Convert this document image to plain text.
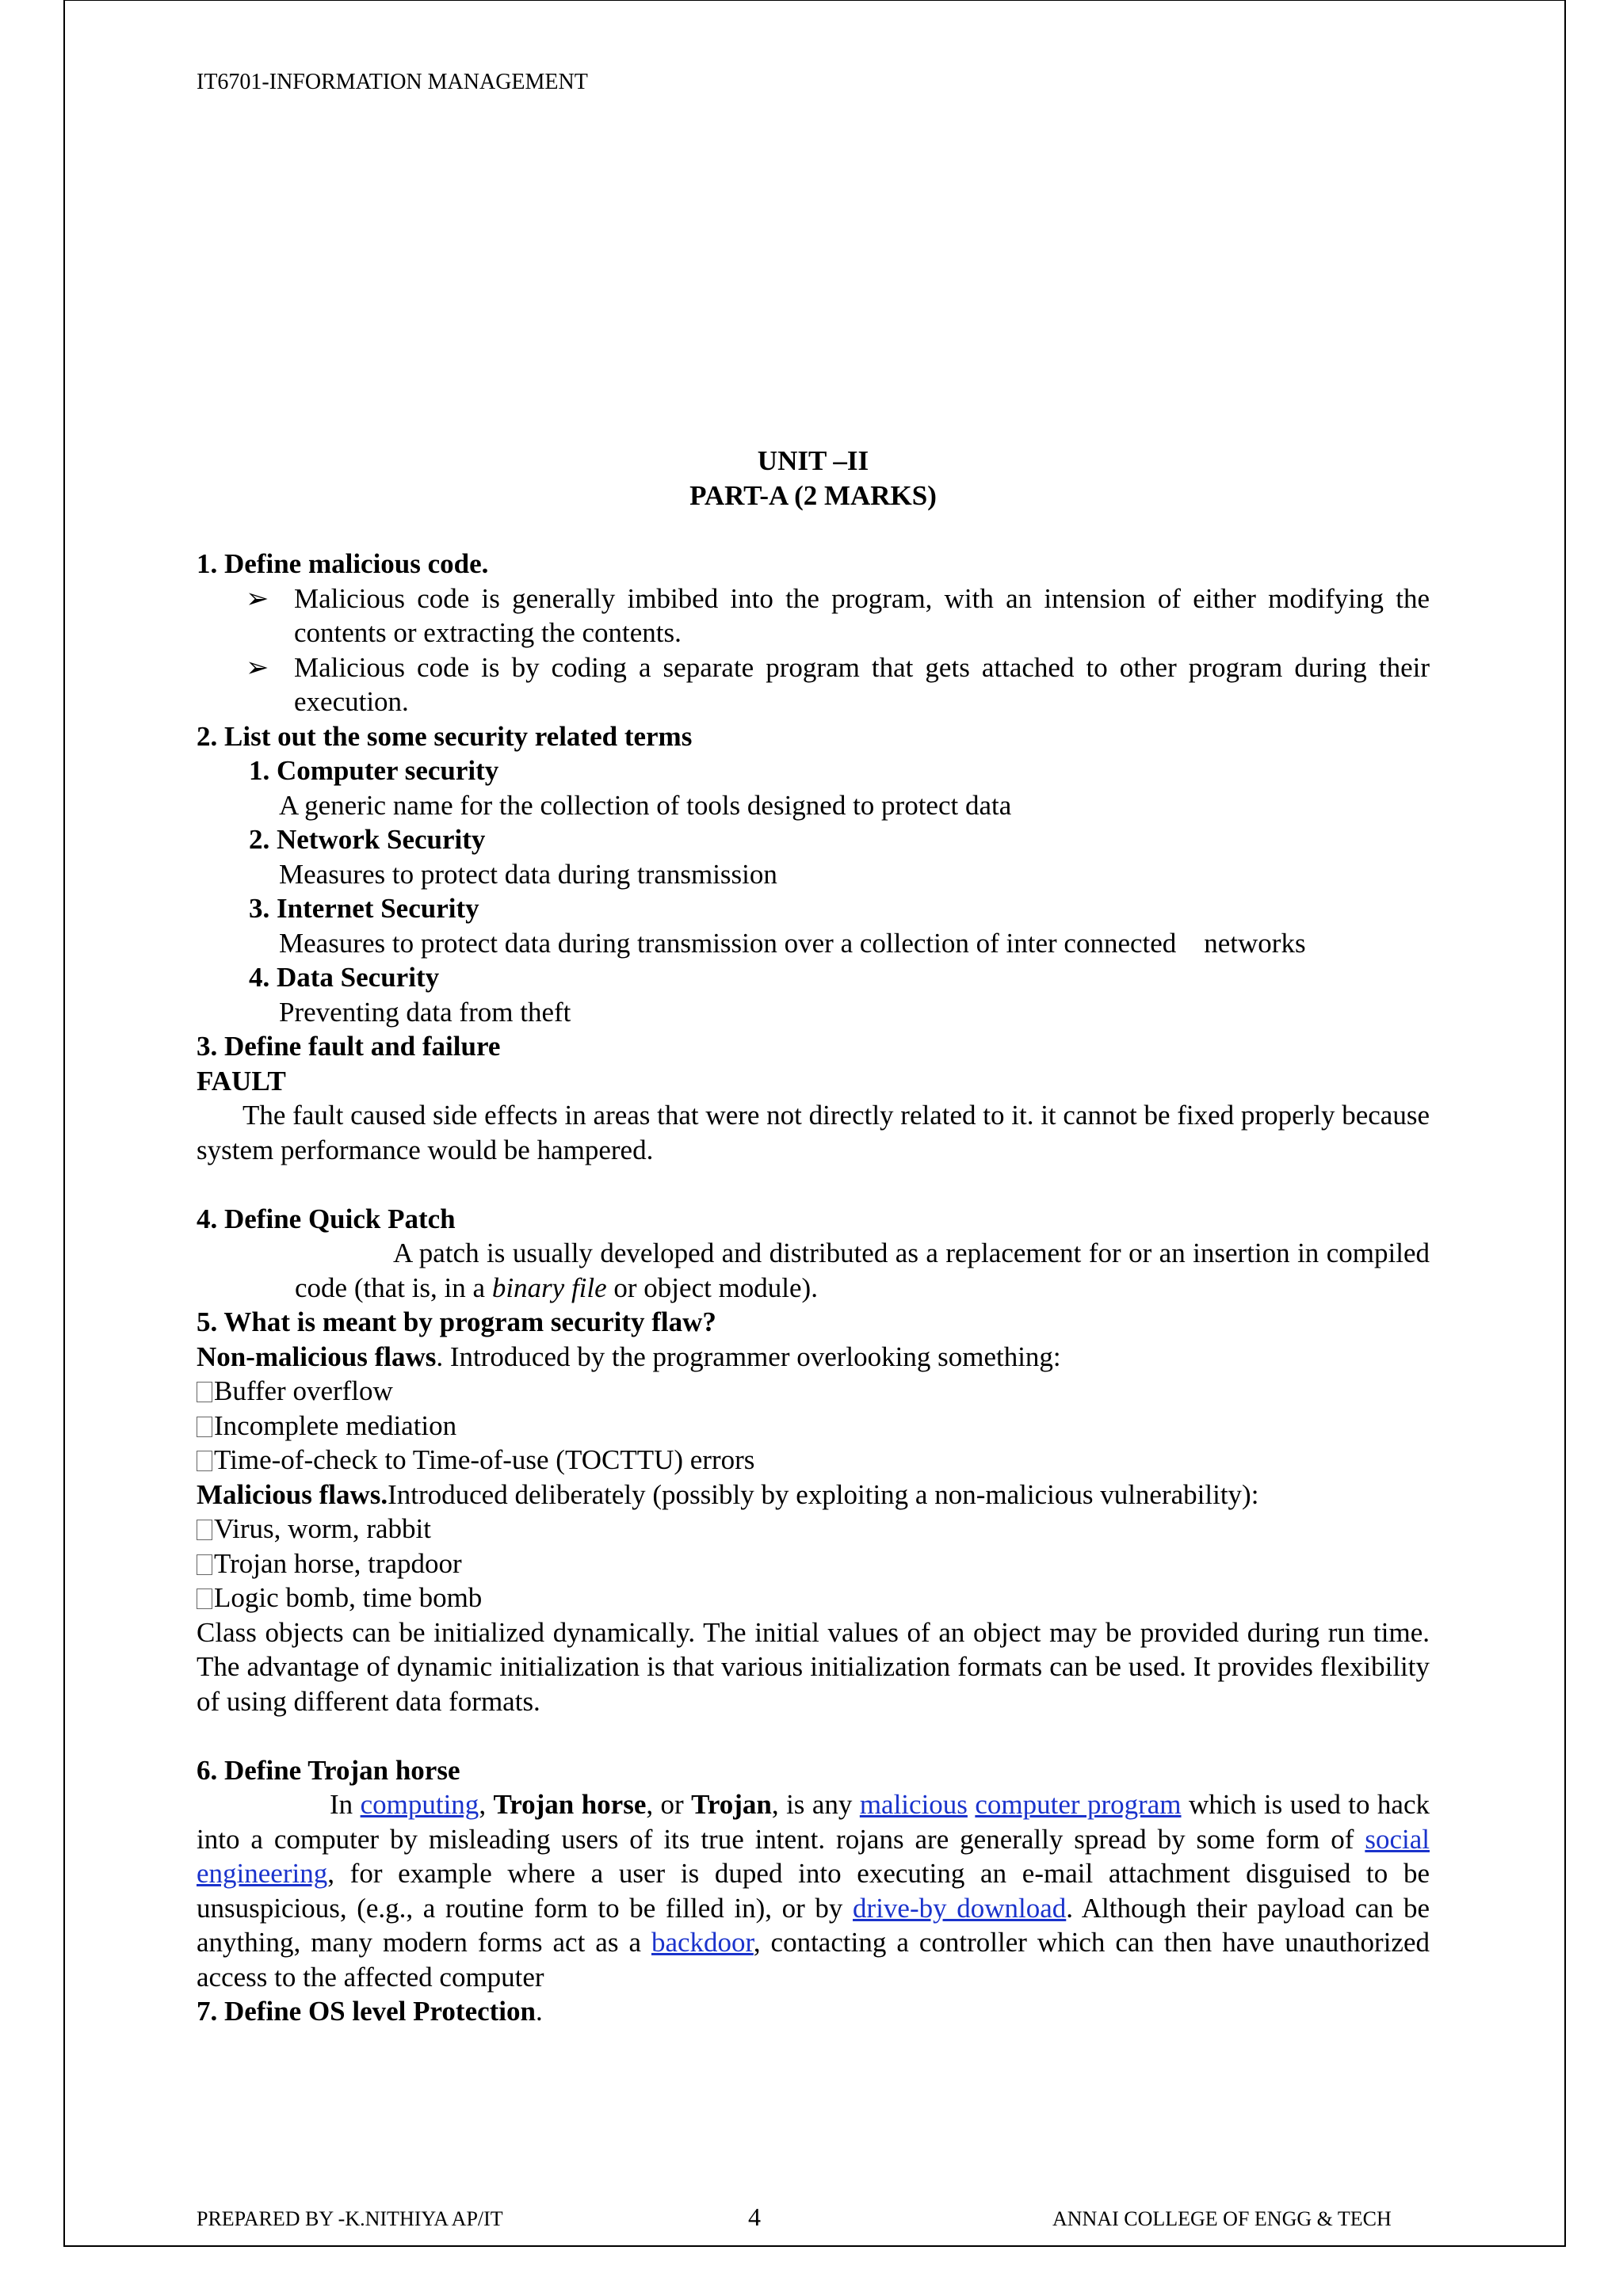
IT6701-INFORMATION MANAGEMENT

UNIT –II

PART-A (2 MARKS)

1. Define malicious code.

➢ Malicious code is generally imbibed into the program, with an intension of either modifying the contents or extracting the contents.
➢ Malicious code is by coding a separate program that gets attached to other program during their execution.

2. List out the some security related terms

1. Computer security

A generic name for the collection of tools designed to protect data

2. Network Security

Measures to protect data during transmission

3. Internet Security

Measures to protect data during transmission over a collection of inter connected    networks

4. Data Security

Preventing data from theft

3. Define fault and failure

FAULT

The fault caused side effects in areas that were not directly related to it. it cannot be fixed properly because system performance would be hampered.

4. Define Quick Patch

A patch is usually developed and distributed as a replacement for or an insertion in compiled code (that is, in a binary file or object module).

5. What is meant by program security flaw?

Non-malicious flaws. Introduced by the programmer overlooking something:

Buffer overflow

Incomplete mediation

Time-of-check to Time-of-use (TOCTTU) errors

Malicious flaws.Introduced deliberately (possibly by exploiting a non-malicious vulnerability):

Virus, worm, rabbit

Trojan horse, trapdoor

Logic bomb, time bomb

Class objects can be initialized dynamically. The initial values of an object may be provided during run time. The advantage of dynamic initialization is that various initialization formats can be used. It provides flexibility of using different data formats.

6. Define Trojan horse

In computing, Trojan horse, or Trojan, is any malicious computer program which is used to hack into a computer by misleading users of its true intent. rojans are generally spread by some form of social engineering, for example where a user is duped into executing an e-mail attachment disguised to be unsuspicious, (e.g., a routine form to be filled in), or by drive-by download. Although their payload can be anything, many modern forms act as a backdoor, contacting a controller which can then have unauthorized access to the affected computer

7. Define OS level Protection.

PREPARED BY -K.NITHIYA AP/IT	4	ANNAI COLLEGE OF ENGG & TECH
